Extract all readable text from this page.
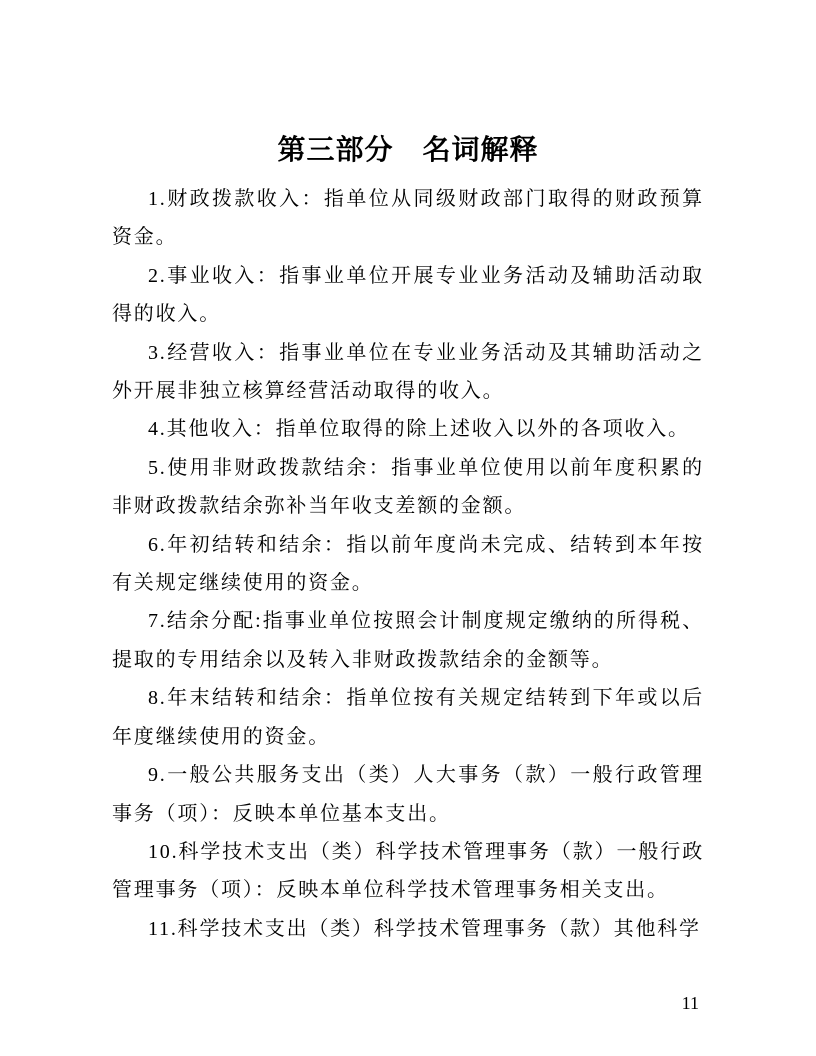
第三部分　名词解释

1.财政拨款收入：指单位从同级财政部门取得的财政预算资金。

2.事业收入：指事业单位开展专业业务活动及辅助活动取得的收入。

3.经营收入：指事业单位在专业业务活动及其辅助活动之外开展非独立核算经营活动取得的收入。

4.其他收入：指单位取得的除上述收入以外的各项收入。

5.使用非财政拨款结余：指事业单位使用以前年度积累的非财政拨款结余弥补当年收支差额的金额。

6.年初结转和结余：指以前年度尚未完成、结转到本年按有关规定继续使用的资金。

7.结余分配:指事业单位按照会计制度规定缴纳的所得税、提取的专用结余以及转入非财政拨款结余的金额等。

8.年末结转和结余：指单位按有关规定结转到下年或以后年度继续使用的资金。

9.一般公共服务支出（类）人大事务（款）一般行政管理事务（项）：反映本单位基本支出。

10.科学技术支出（类）科学技术管理事务（款）一般行政管理事务（项）：反映本单位科学技术管理事务相关支出。

11.科学技术支出（类）科学技术管理事务（款）其他科学

11
